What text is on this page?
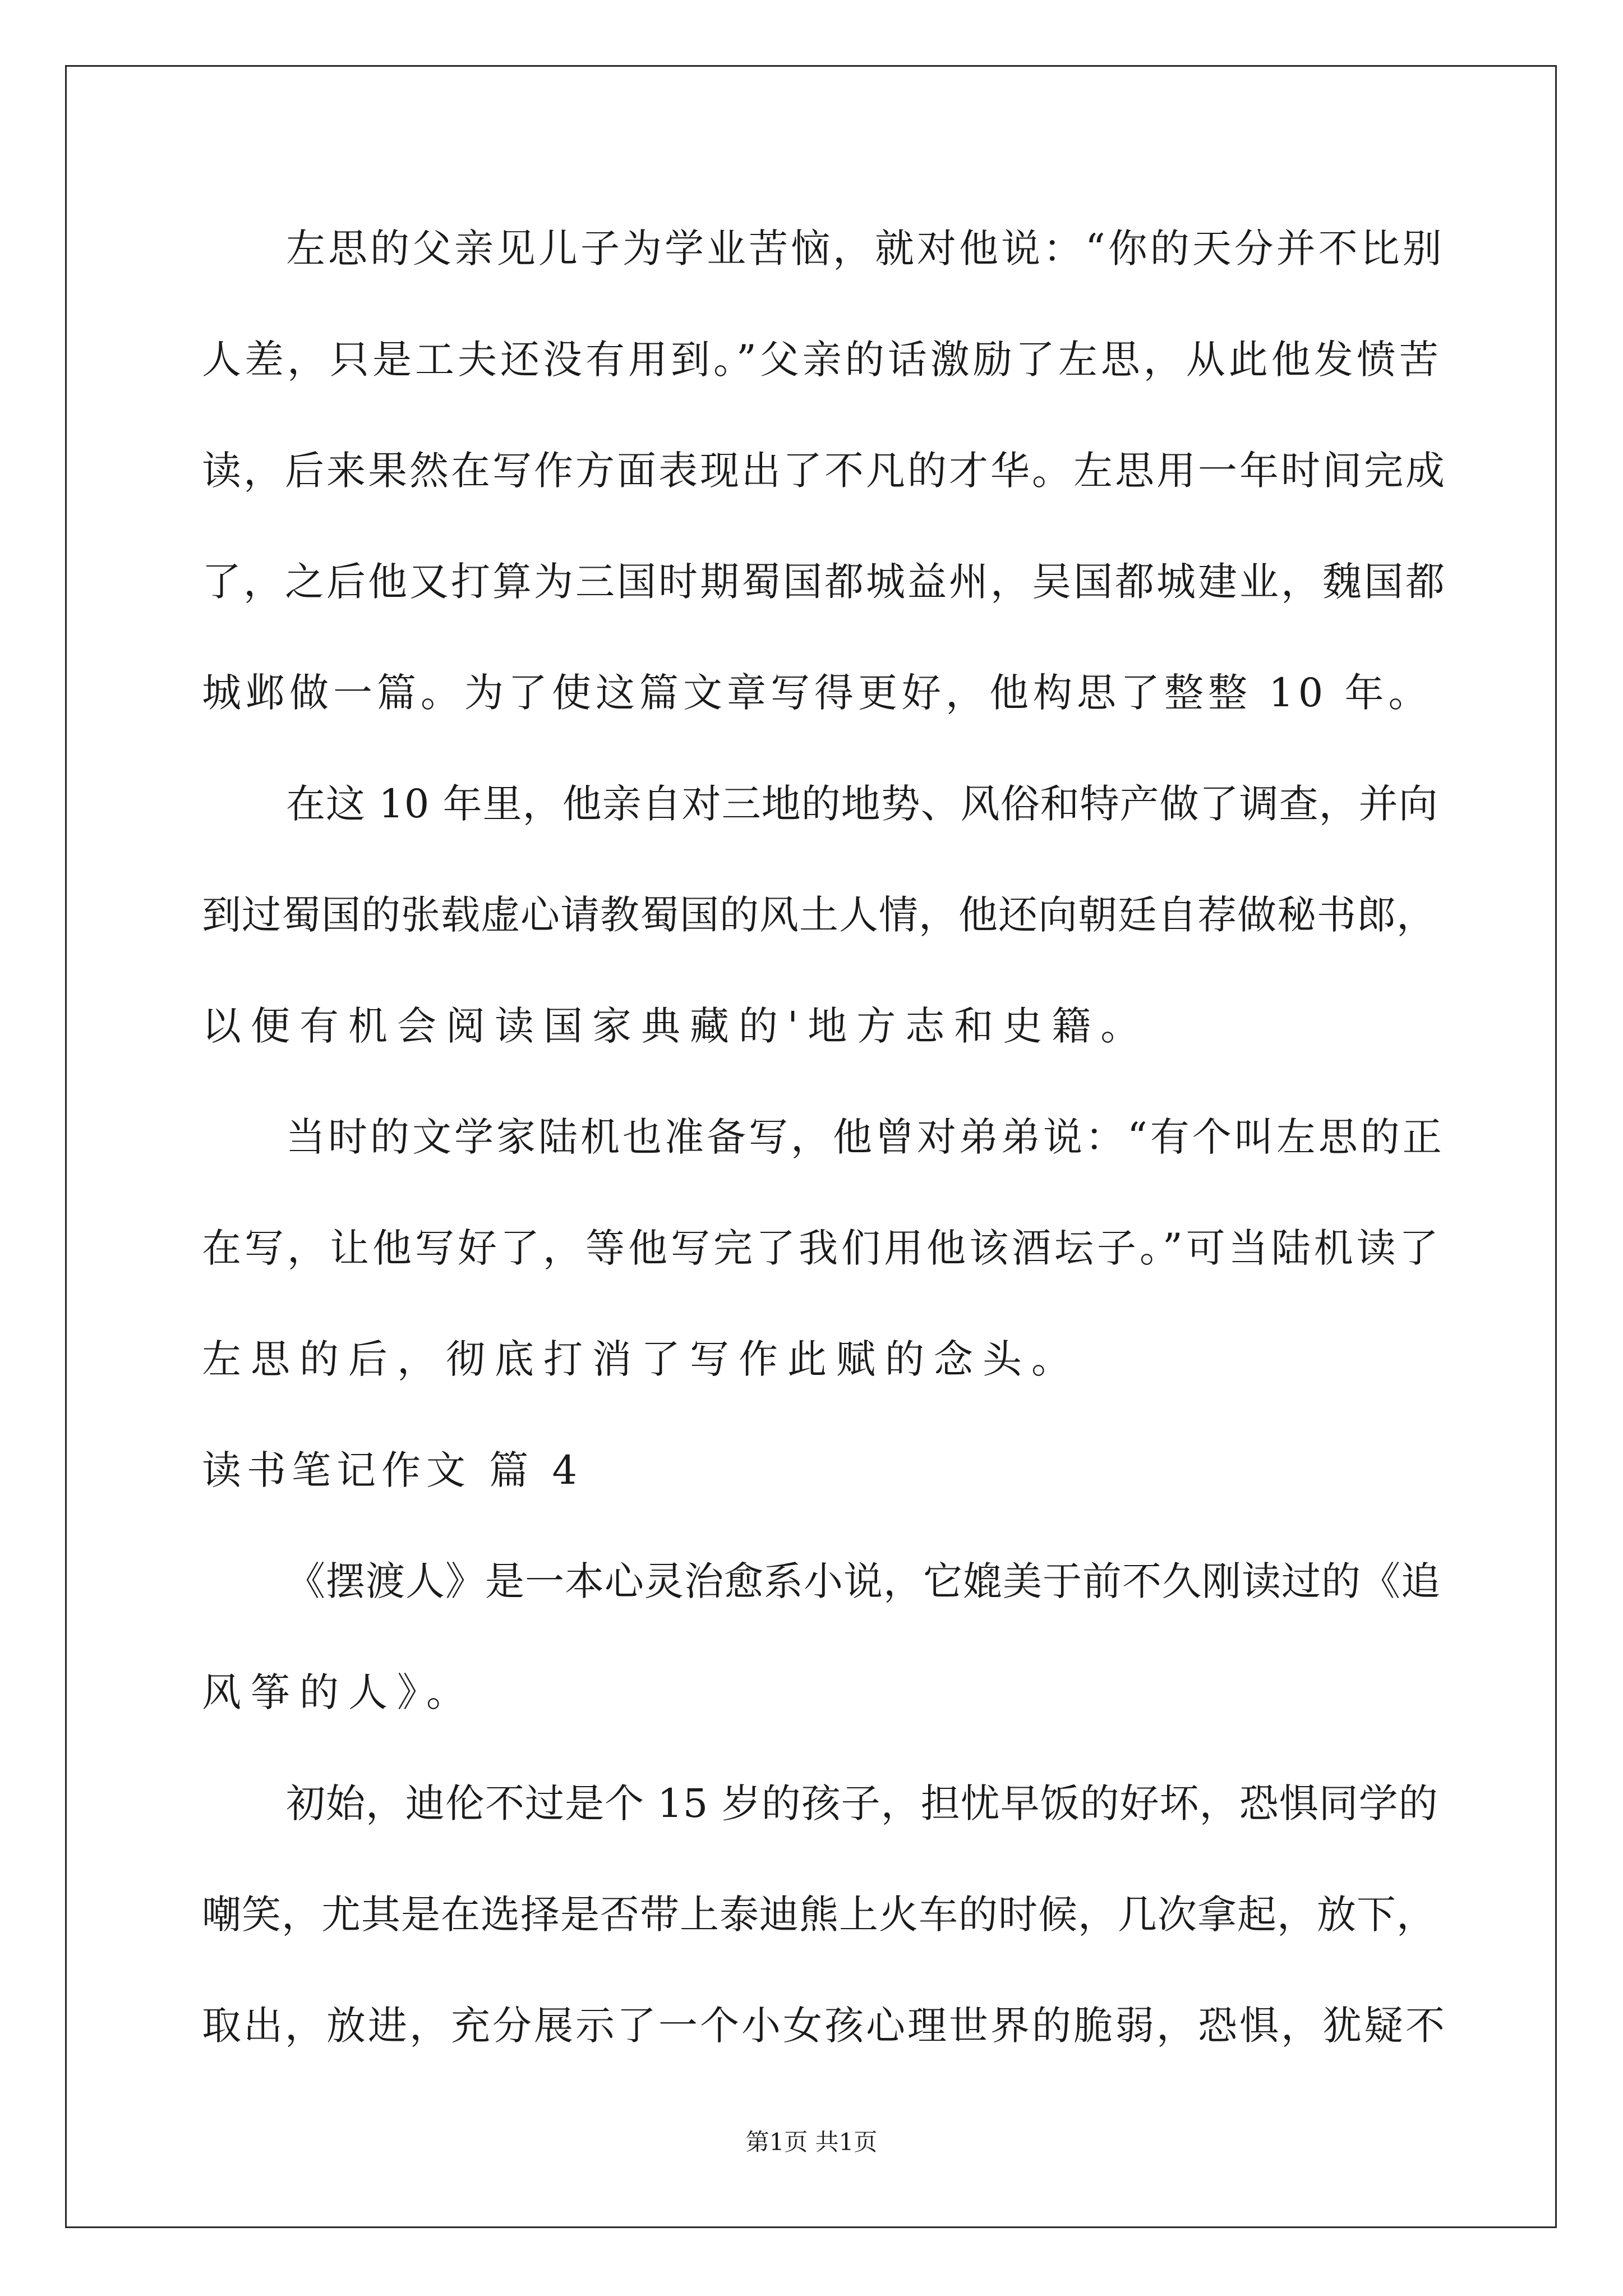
左思的父亲见儿子为学业苦恼，就对他说：“你的天分并不比别
人差，只是工夫还没有用到。”父亲的话激励了左思，从此他发愤苦
读，后来果然在写作方面表现出了不凡的才华。左思用一年时间完成
了，之后他又打算为三国时期蜀国都城益州，吴国都城建业，魏国都
城邺做一篇。为了使这篇文章写得更好，他构思了整整 10 年。
在这 10 年里，他亲自对三地的地势、风俗和特产做了调查，并向
到过蜀国的张载虚心请教蜀国的风土人情，他还向朝廷自荐做秘书郎，
以便有机会阅读国家典藏的'地方志和史籍。
当时的文学家陆机也准备写，他曾对弟弟说：“有个叫左思的正
在写，让他写好了，等他写完了我们用他该酒坛子。”可当陆机读了
左思的后，彻底打消了写作此赋的念头。
读书笔记作文 篇 4
《摆渡人》是一本心灵治愈系小说，它媲美于前不久刚读过的《追
风筝的人》。
初始，迪伦不过是个 15 岁的孩子，担忧早饭的好坏，恐惧同学的
嘲笑，尤其是在选择是否带上泰迪熊上火车的时候，几次拿起，放下，
取出，放进，充分展示了一个小女孩心理世界的脆弱，恐惧，犹疑不
第1页 共1页
